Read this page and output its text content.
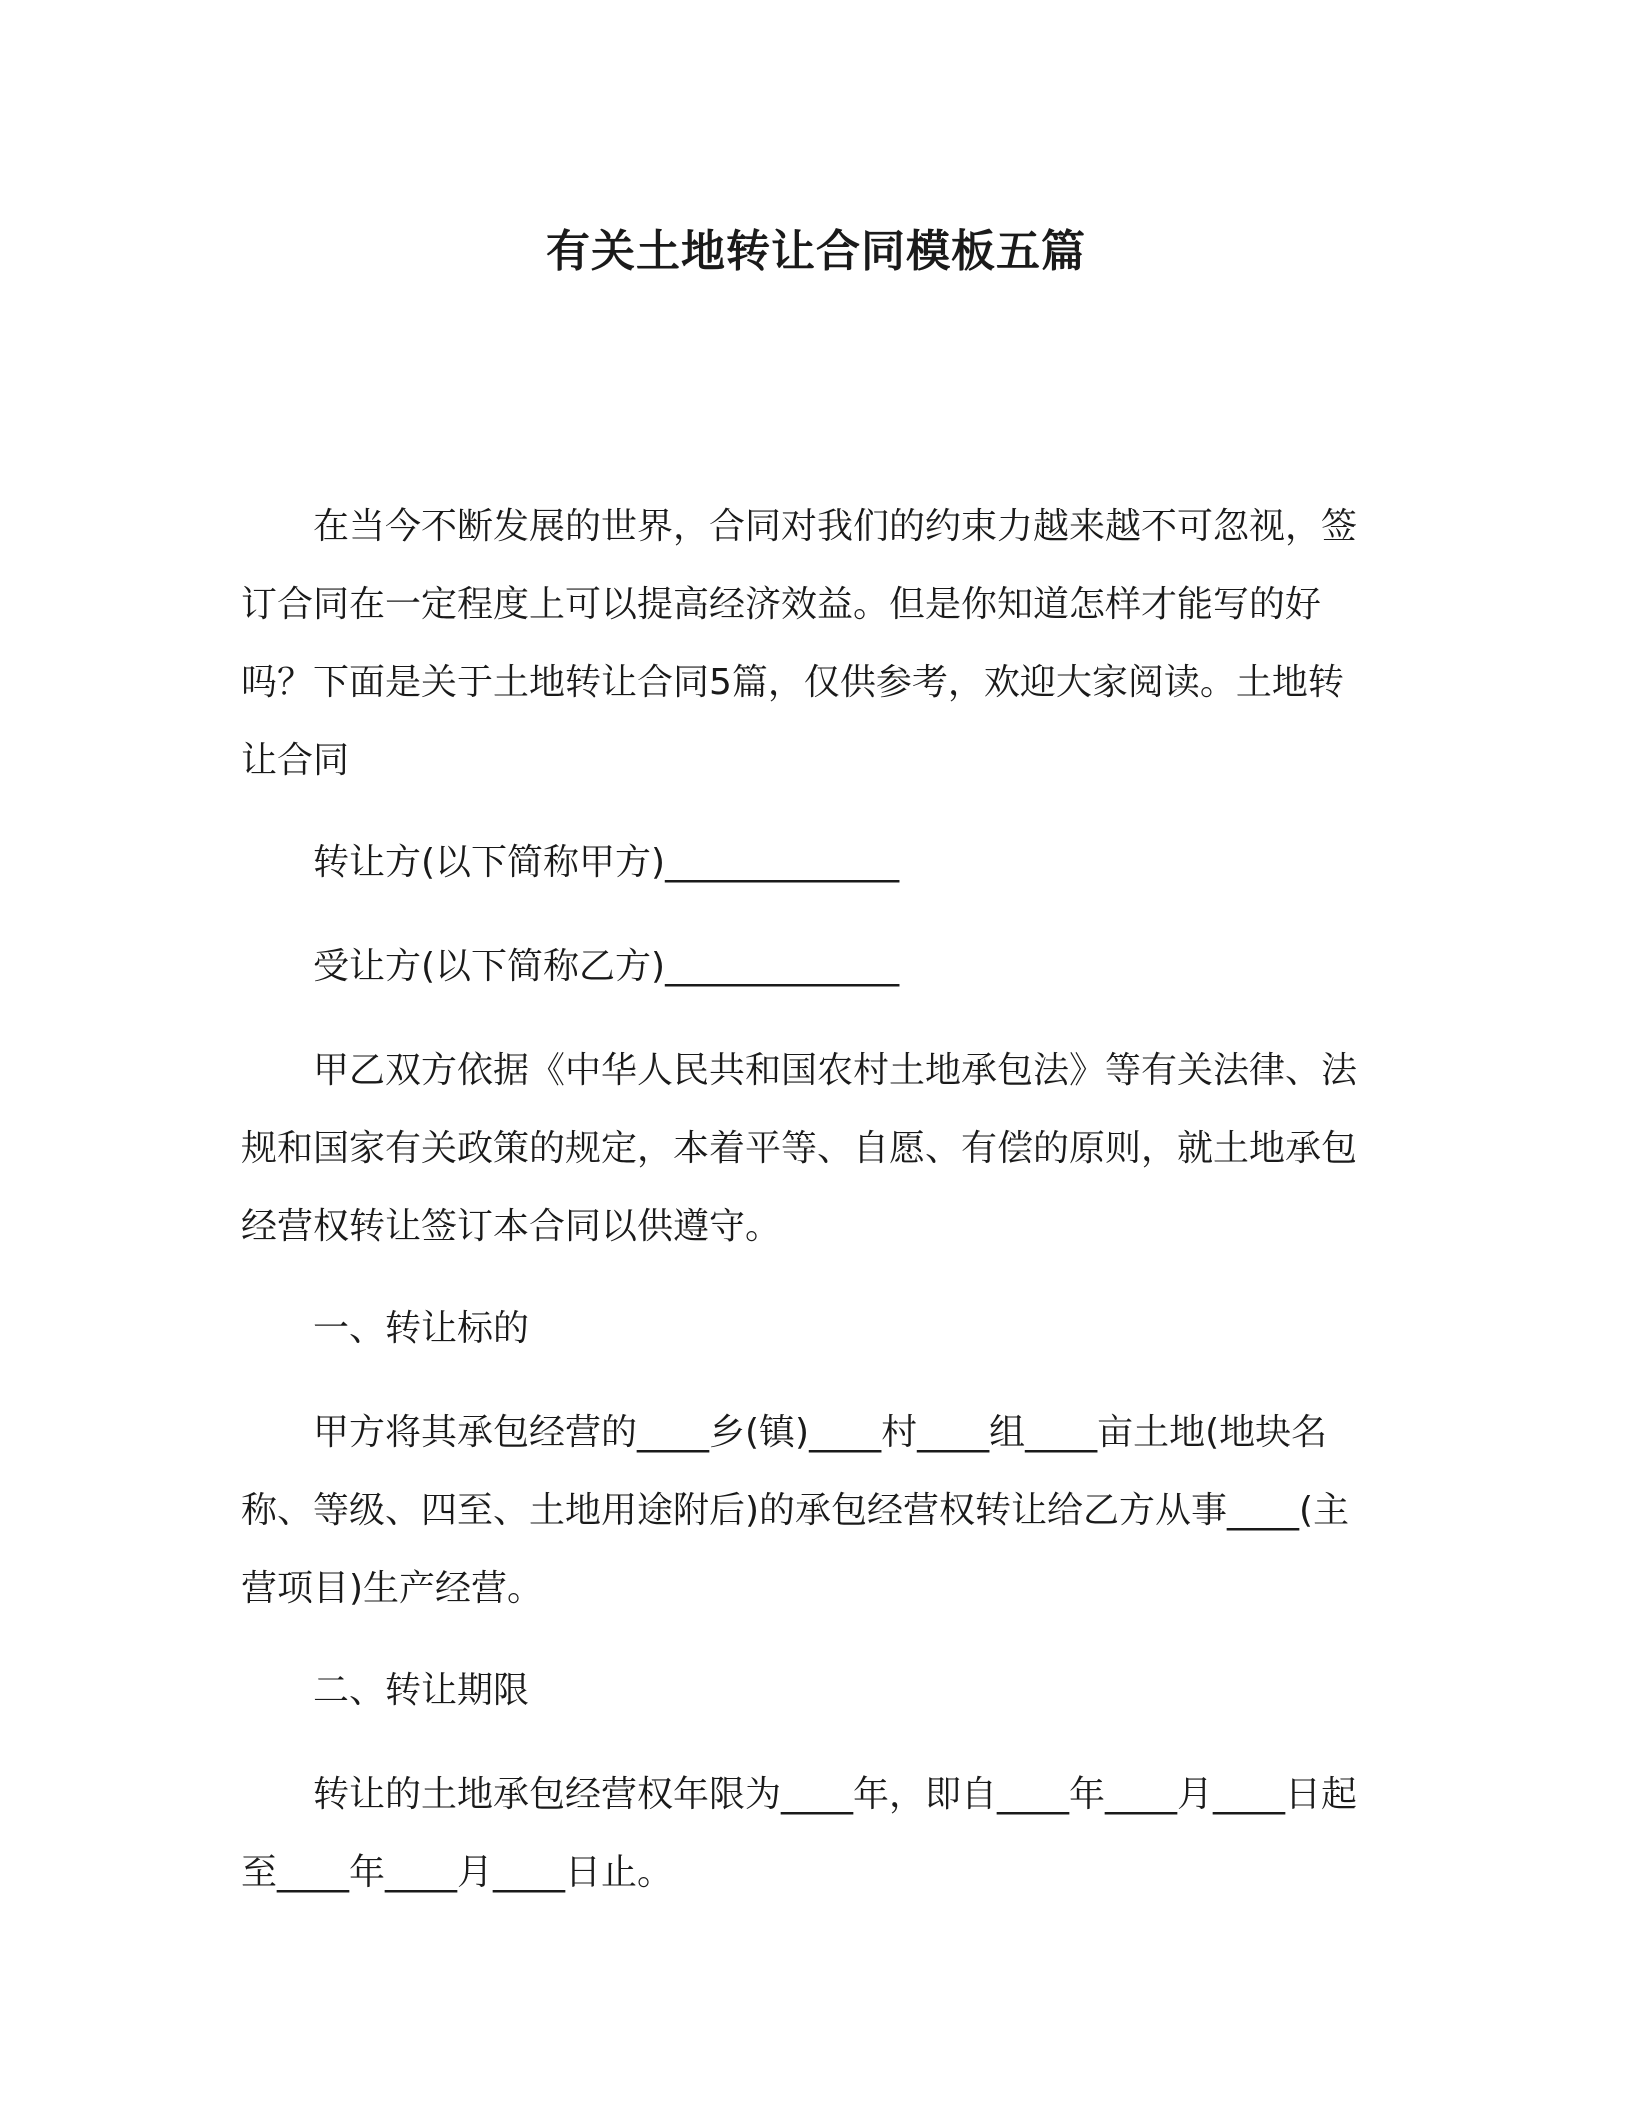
有关土地转让合同模板五篇

在当今不断发展的世界，合同对我们的约束力越来越不可忽视，签订合同在一定程度上可以提高经济效益。但是你知道怎样才能写的好吗？下面是关于土地转让合同5篇，仅供参考，欢迎大家阅读。土地转让合同

转让方(以下简称甲方)_____________

受让方(以下简称乙方)_____________

甲乙双方依据《中华人民共和国农村土地承包法》等有关法律、法规和国家有关政策的规定，本着平等、自愿、有偿的原则，就土地承包经营权转让签订本合同以供遵守。

一、转让标的

甲方将其承包经营的____乡(镇)____村____组____亩土地(地块名称、等级、四至、土地用途附后)的承包经营权转让给乙方从事____(主营项目)生产经营。

二、转让期限

转让的土地承包经营权年限为____年，即自____年____月____日起至____年____月____日止。
